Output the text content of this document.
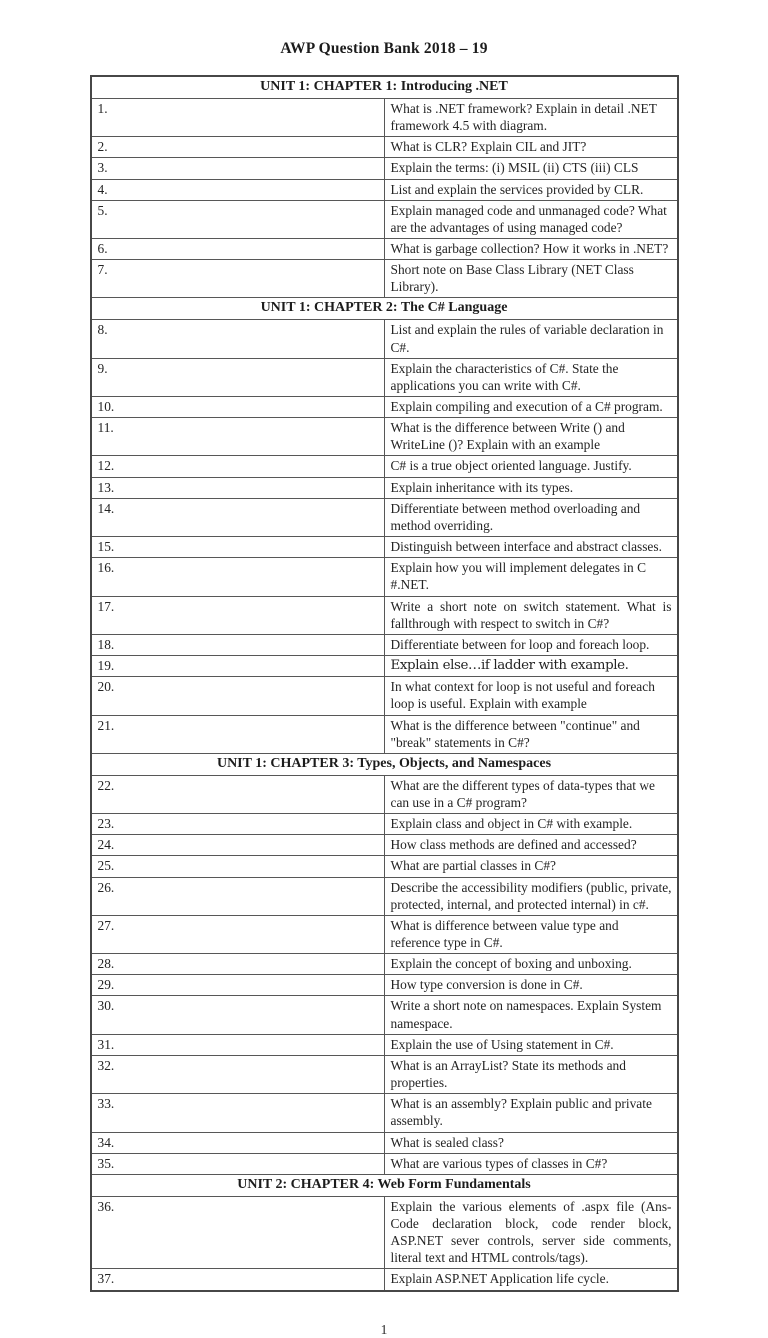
AWP Question Bank 2018 – 19
UNIT 1: CHAPTER 1: Introducing .NET	
1.	What is .NET framework? Explain in detail .NET framework 4.5 with diagram.
2.	What is CLR? Explain CIL and JIT?
3.	Explain the terms: (i) MSIL (ii) CTS (iii) CLS
4.	List and explain the services provided by CLR.
5.	Explain managed code and unmanaged code? What are the advantages of using managed code?
6.	What is garbage collection? How it works in .NET?
7.	Short note on Base Class Library (NET Class Library).
UNIT 1: CHAPTER 2: The C# Language	
8.	List and explain the rules of variable declaration in C#.
9.	Explain the characteristics of C#. State the applications you can write with C#.
10.	Explain compiling and execution of a C# program.
11.	What is the difference between Write () and WriteLine ()? Explain with an example
12.	C# is a true object oriented language. Justify.
13.	Explain inheritance with its types.
14.	Differentiate between method overloading and method overriding.
15.	Distinguish between interface and abstract classes.
16.	Explain how you will implement delegates in C #.NET.
17.	Write a short note on switch statement. What is fallthrough with respect to switch in C#?
18.	Differentiate between for loop and foreach loop.
19.	Explain else…if ladder with example.
20.	In what context for loop is not useful and foreach loop is useful. Explain with example
21.	What is the difference between "continue" and "break" statements in C#?
UNIT 1: CHAPTER 3: Types, Objects, and Namespaces	
22.	What are the different types of data-types that we can use in a C# program?
23.	Explain class and object in C# with example.
24.	How class methods are defined and accessed?
25.	What are partial classes in C#?
26.	Describe the accessibility modifiers (public, private, protected, internal, and protected internal) in c#.
27.	What is difference between value type and reference type in C#.
28.	Explain the concept of boxing and unboxing.
29.	How type conversion is done in C#.
30.	Write a short note on namespaces. Explain System namespace.
31.	Explain the use of Using statement in C#.
32.	What is an ArrayList? State its methods and properties.
33.	What is an assembly? Explain public and private assembly.
34.	What is sealed class?
35.	What are various types of classes in C#?
UNIT 2: CHAPTER 4: Web Form Fundamentals	
36.	Explain the various elements of .aspx file (Ans-Code declaration block, code render block, ASP.NET sever controls, server side comments, literal text and HTML controls/tags).
37.	Explain ASP.NET Application life cycle.
1
